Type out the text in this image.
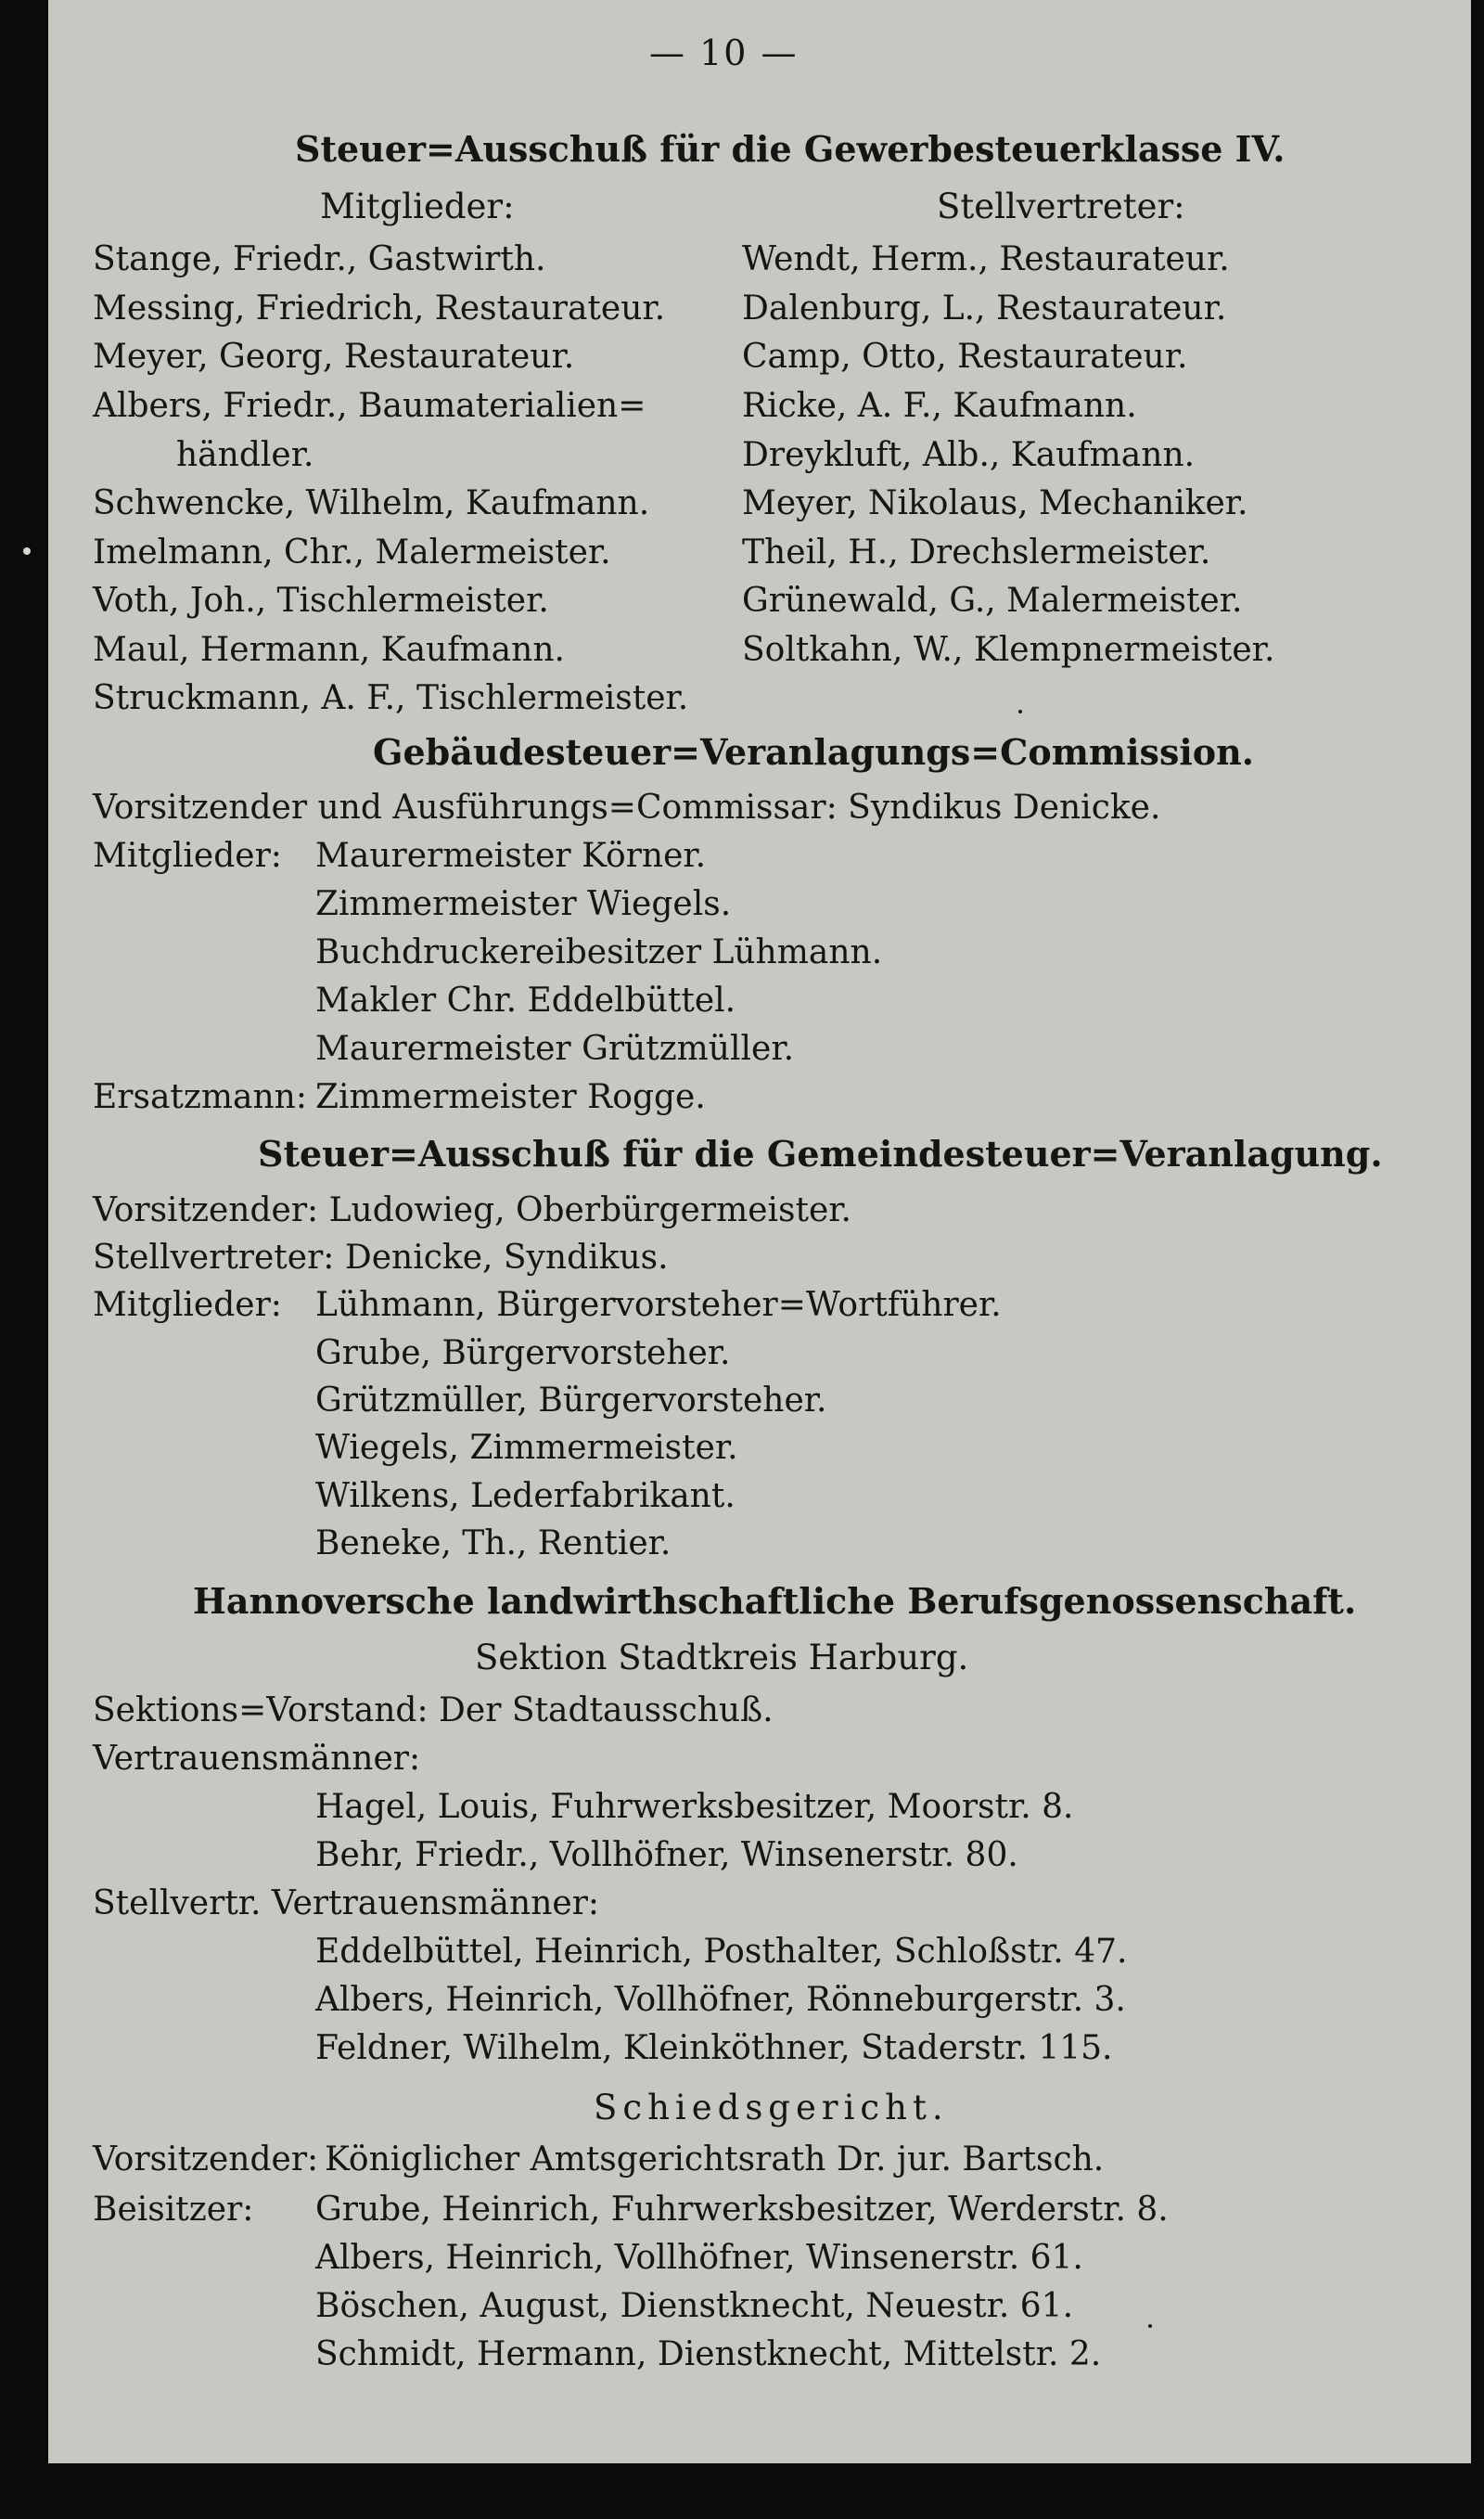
— 10 —
Steuer=Ausschuß für die Gewerbesteuerklasse IV.
Mitglieder:	Stellvertreter:
Stange, Friedr., Gastwirth.
Messing, Friedrich, Restaurateur.
Meyer, Georg, Restaurateur.
Albers, Friedr., Baumaterialien=
händler.
Schwencke, Wilhelm, Kaufmann.
Imelmann, Chr., Malermeister.
Voth, Joh., Tischlermeister.
Maul, Hermann, Kaufmann.
Struckmann, A. F., Tischlermeister.
Wendt, Herm., Restaurateur.
Dalenburg, L., Restaurateur.
Camp, Otto, Restaurateur.
Ricke, A. F., Kaufmann.
Dreykluft, Alb., Kaufmann.
Meyer, Nikolaus, Mechaniker.
Theil, H., Drechslermeister.
Grünewald, G., Malermeister.
Soltkahn, W., Klempnermeister.
Gebäudesteuer=Veranlagungs=Commission.
Vorsitzender und Ausführungs=Commissar: Syndikus Denicke.
Mitglieder: Maurermeister Körner.
Zimmermeister Wiegels.
Buchdruckereibesitzer Lühmann.
Makler Chr. Eddelbüttel.
Maurermeister Grützmüller.
Ersatzmann: Zimmermeister Rogge.
Steuer=Ausschuß für die Gemeindesteuer=Veranlagung.
Vorsitzender: Ludowieg, Oberbürgermeister.
Stellvertreter: Denicke, Syndikus.
Mitglieder: Lühmann, Bürgervorsteher=Wortführer.
Grube, Bürgervorsteher.
Grützmüller, Bürgervorsteher.
Wiegels, Zimmermeister.
Wilkens, Lederfabrikant.
Beneke, Th., Rentier.
Hannoversche landwirthschaftliche Berufsgenossenschaft.
Sektion Stadtkreis Harburg.
Sektions=Vorstand: Der Stadtausschuß.
Vertrauensmänner:
Hagel, Louis, Fuhrwerksbesitzer, Moorstr. 8.
Behr, Friedr., Vollhöfner, Winsenerstr. 80.
Stellvertr. Vertrauensmänner:
Eddelbüttel, Heinrich, Posthalter, Schloßstr. 47.
Albers, Heinrich, Vollhöfner, Rönneburgerstr. 3.
Feldner, Wilhelm, Kleinköthner, Staderstr. 115.
Schiedsgericht.
Vorsitzender: Königlicher Amtsgerichtsrath Dr. jur. Bartsch.
Beisitzer: Grube, Heinrich, Fuhrwerksbesitzer, Werderstr. 8.
Albers, Heinrich, Vollhöfner, Winsenerstr. 61.
Böschen, August, Dienstknecht, Neuestr. 61.
Schmidt, Hermann, Dienstknecht, Mittelstr. 2.
